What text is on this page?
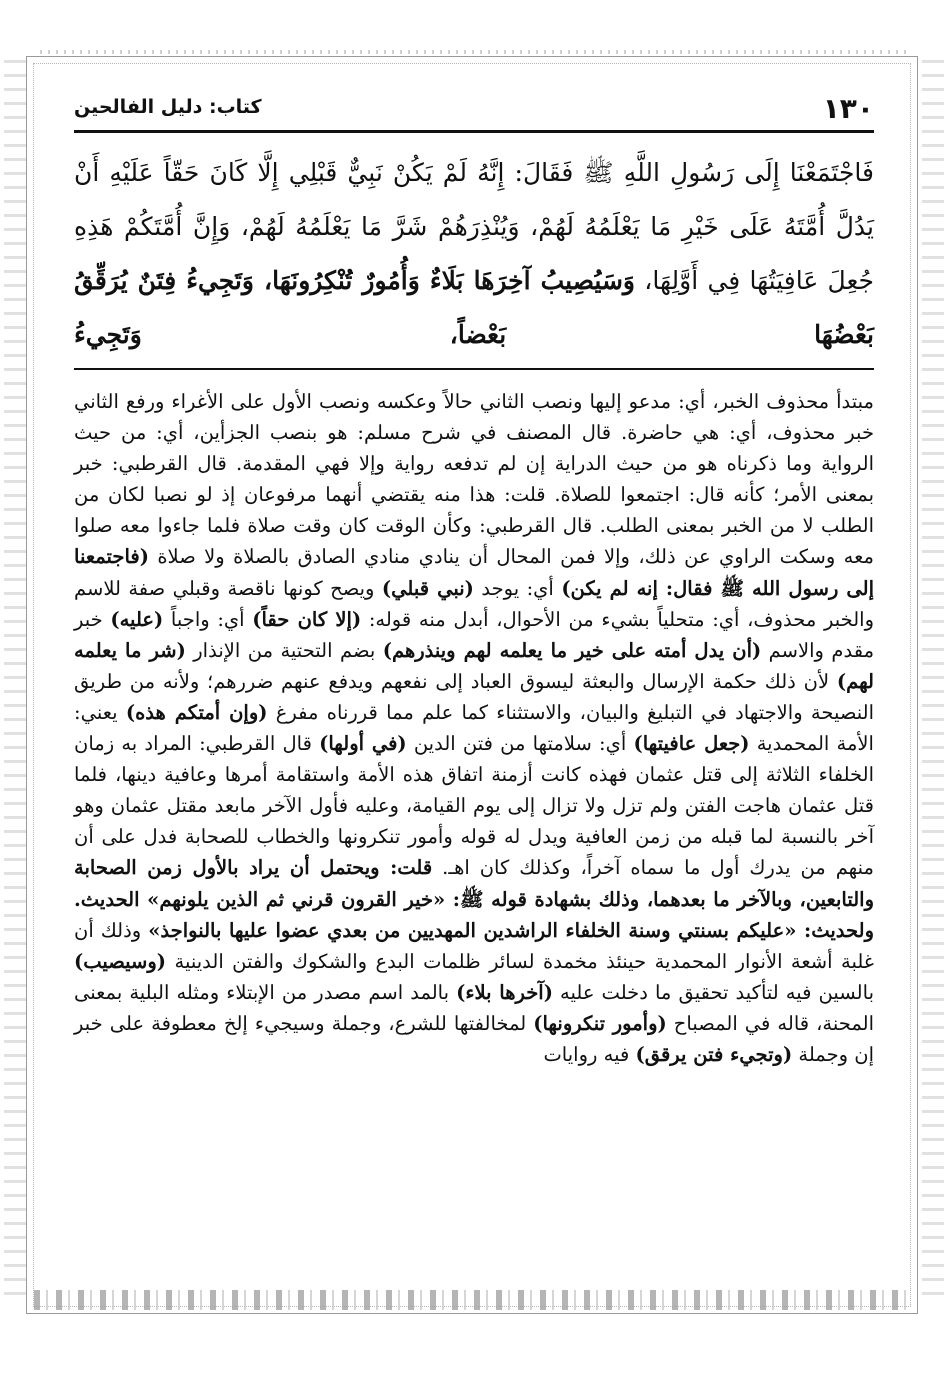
١٣٠
كتاب: دليل الفالحين
فَاجْتَمَعْنَا إِلَى رَسُولِ اللَّهِ ﷺ فَقَالَ: إِنَّهُ لَمْ يَكُنْ نَبِيٌّ قَبْلِي إِلَّا كَانَ حَقّاً عَلَيْهِ أَنْ يَدُلَّ أُمَّتَهُ عَلَى خَيْرِ مَا يَعْلَمُهُ لَهُمْ، وَيُنْذِرَهُمْ شَرَّ مَا يَعْلَمُهُ لَهُمْ، وَإِنَّ أُمَّتَكُمْ هَذِهِ جُعِلَ عَافِيَتُهَا فِي أَوَّلِهَا، وَسَيُصِيبُ آخِرَهَا بَلَاءٌ وَأُمُورٌ تُنْكِرُونَهَا، وَتَجِيءُ فِتَنٌ يُرَقِّقُ بَعْضُهَا بَعْضاً، وَتَجِيءُ
مبتدأ محذوف الخبر، أي: مدعو إليها ونصب الثاني حالاً وعكسه ونصب الأول على الأغراء ورفع الثاني خبر محذوف، أي: هي حاضرة. قال المصنف في شرح مسلم: هو بنصب الجزأين، أي: من حيث الرواية وما ذكرناه هو من حيث الدراية إن لم تدفعه رواية وإلا فهي المقدمة. قال القرطبي: خبر بمعنى الأمر؛ كأنه قال: اجتمعوا للصلاة. قلت: هذا منه يقتضي أنهما مرفوعان إذ لو نصبا لكان من الطلب لا من الخبر بمعنى الطلب. قال القرطبي: وكأن الوقت كان وقت صلاة فلما جاءوا معه صلوا معه وسكت الراوي عن ذلك، وإلا فمن المحال أن ينادي منادي الصادق بالصلاة ولا صلاة (فاجتمعنا إلى رسول الله ﷺ فقال: إنه لم يكن) أي: يوجد (نبي قبلي) ويصح كونها ناقصة وقبلي صفة للاسم والخبر محذوف، أي: متحلياً بشيء من الأحوال، أبدل منه قوله: (إلا كان حقاً) أي: واجباً (عليه) خبر مقدم والاسم (أن يدل أمته على خير ما يعلمه لهم وينذرهم) بضم التحتية من الإنذار (شر ما يعلمه لهم) لأن ذلك حكمة الإرسال والبعثة ليسوق العباد إلى نفعهم ويدفع عنهم ضررهم؛ ولأنه من طريق النصيحة والاجتهاد في التبليغ والبيان، والاستثناء كما علم مما قررناه مفرغ (وإن أمتكم هذه) يعني: الأمة المحمدية (جعل عافيتها) أي: سلامتها من فتن الدين (في أولها) قال القرطبي: المراد به زمان الخلفاء الثلاثة إلى قتل عثمان فهذه كانت أزمنة اتفاق هذه الأمة واستقامة أمرها وعافية دينها، فلما قتل عثمان هاجت الفتن ولم تزل ولا تزال إلى يوم القيامة، وعليه فأول الآخر مابعد مقتل عثمان وهو آخر بالنسبة لما قبله من زمن العافية ويدل له قوله وأمور تنكرونها والخطاب للصحابة فدل على أن منهم من يدرك أول ما سماه آخراً، وكذلك كان اهـ. قلت: ويحتمل أن يراد بالأول زمن الصحابة والتابعين، وبالآخر ما بعدهما، وذلك بشهادة قوله ﷺ: «خير القرون قرني ثم الذين يلونهم» الحديث. ولحديث: «عليكم بسنتي وسنة الخلفاء الراشدين المهديين من بعدي عضوا عليها بالنواجذ» وذلك أن غلبة أشعة الأنوار المحمدية حينئذ مخمدة لسائر ظلمات البدع والشكوك والفتن الدينية (وسيصيب) بالسين فيه لتأكيد تحقيق ما دخلت عليه (آخرها بلاء) بالمد اسم مصدر من الإبتلاء ومثله البلية بمعنى المحنة، قاله في المصباح (وأمور تنكرونها) لمخالفتها للشرع، وجملة وسيجيء إلخ معطوفة على خبر إن وجملة (وتجيء فتن يرقق) فيه روايات
